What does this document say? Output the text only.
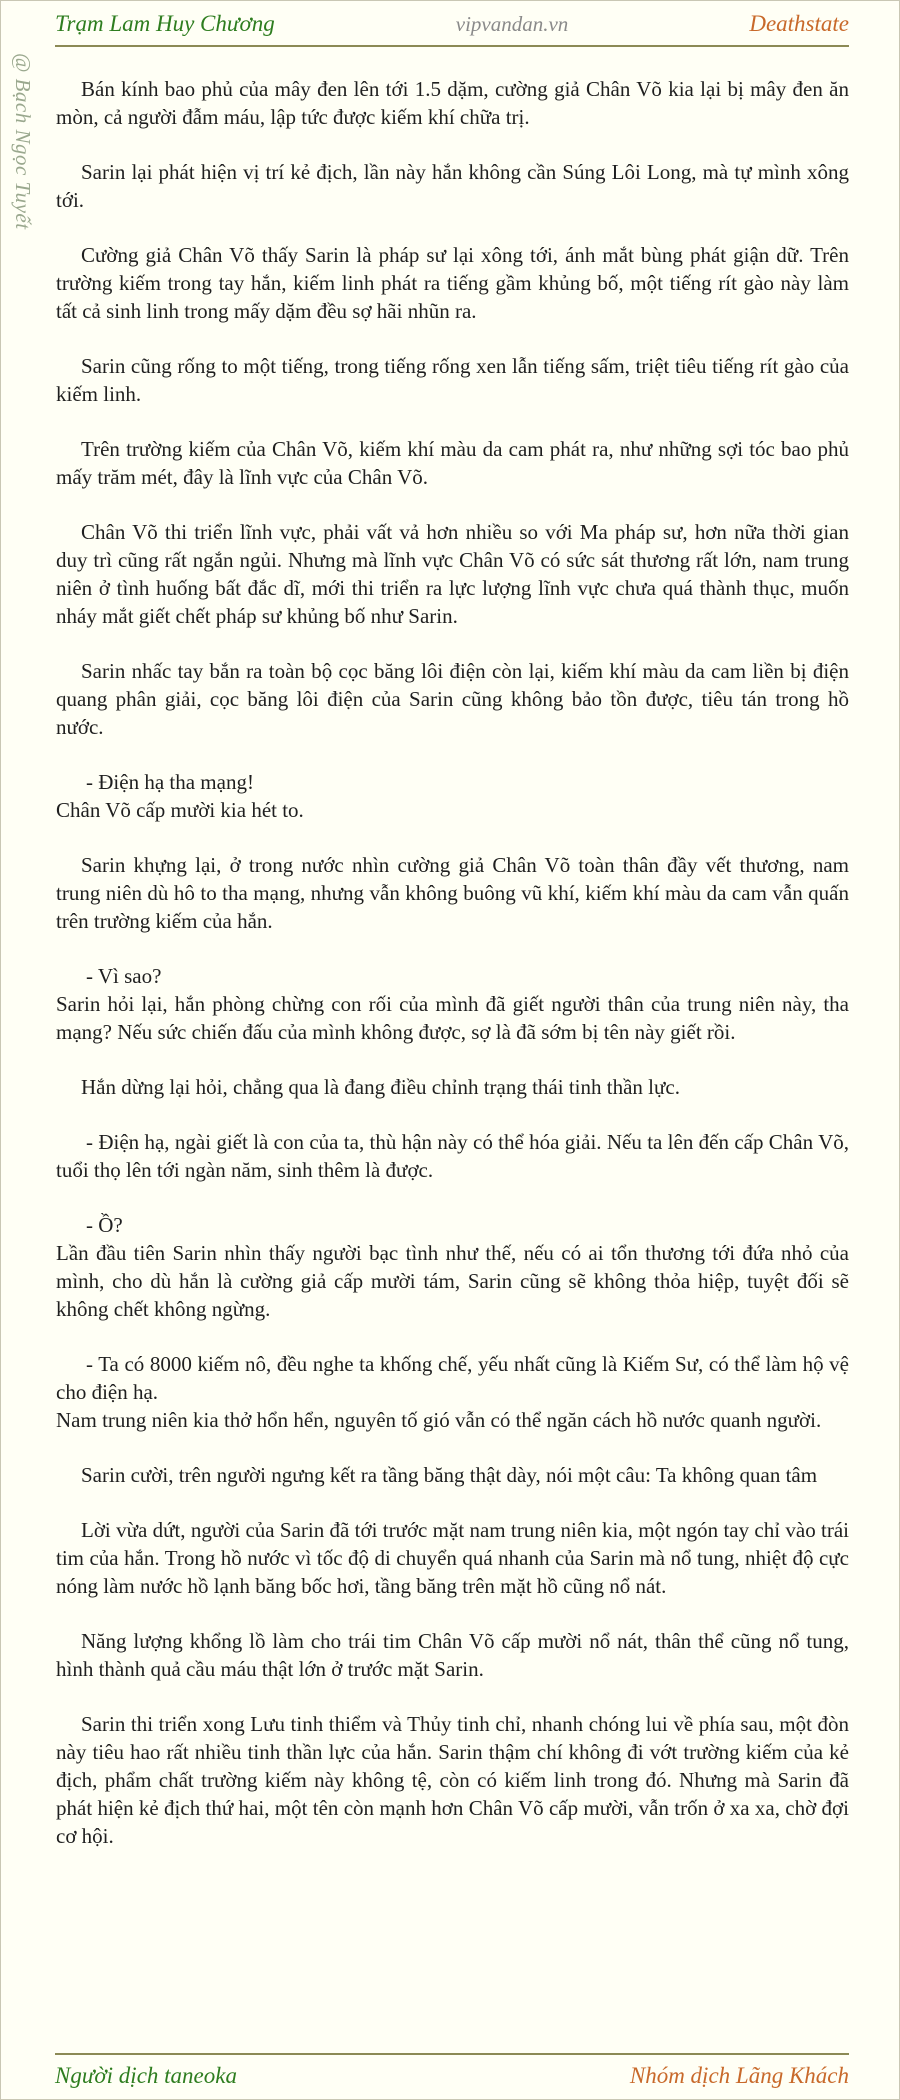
Trạm Lam Huy Chương	vipvandan.vn	Deathstate
@ Bạch Ngọc Tuyết	Bán kính bao phủ của mây đen lên tới 1.5 dặm, cường giả Chân Võ kia lại bị mây đen ăn mòn, cả người đẫm máu, lập tức được kiếm khí chữa trị.

Sarin lại phát hiện vị trí kẻ địch, lần này hắn không cần Súng Lôi Long, mà tự mình xông tới.

Cường giả Chân Võ thấy Sarin là pháp sư lại xông tới, ánh mắt bùng phát giận dữ. Trên trường kiếm trong tay hắn, kiếm linh phát ra tiếng gầm khủng bố, một tiếng rít gào này làm tất cả sinh linh trong mấy dặm đều sợ hãi nhũn ra.

Sarin cũng rống to một tiếng, trong tiếng rống xen lẫn tiếng sấm, triệt tiêu tiếng rít gào của kiếm linh.

Trên trường kiếm của Chân Võ, kiếm khí màu da cam phát ra, như những sợi tóc bao phủ mấy trăm mét, đây là lĩnh vực của Chân Võ.

Chân Võ thi triển lĩnh vực, phải vất vả hơn nhiều so với Ma pháp sư, hơn nữa thời gian duy trì cũng rất ngắn ngủi. Nhưng mà lĩnh vực Chân Võ có sức sát thương rất lớn, nam trung niên ở tình huống bất đắc dĩ, mới thi triển ra lực lượng lĩnh vực chưa quá thành thục, muốn nháy mắt giết chết pháp sư khủng bố như Sarin.

Sarin nhấc tay bắn ra toàn bộ cọc băng lôi điện còn lại, kiếm khí màu da cam liền bị điện quang phân giải, cọc băng lôi điện của Sarin cũng không bảo tồn được, tiêu tán trong hồ nước.

- Điện hạ tha mạng!
Chân Võ cấp mười kia hét to.

Sarin khựng lại, ở trong nước nhìn cường giả Chân Võ toàn thân đầy vết thương, nam trung niên dù hô to tha mạng, nhưng vẫn không buông vũ khí, kiếm khí màu da cam vẫn quấn trên trường kiếm của hắn.

- Vì sao?
Sarin hỏi lại, hắn phòng chừng con rối của mình đã giết người thân của trung niên này, tha mạng? Nếu sức chiến đấu của mình không được, sợ là đã sớm bị tên này giết rồi.

Hắn dừng lại hỏi, chẳng qua là đang điều chỉnh trạng thái tinh thần lực.

- Điện hạ, ngài giết là con của ta, thù hận này có thể hóa giải. Nếu ta lên đến cấp Chân Võ, tuổi thọ lên tới ngàn năm, sinh thêm là được.

- Ồ?
Lần đầu tiên Sarin nhìn thấy người bạc tình như thế, nếu có ai tổn thương tới đứa nhỏ của mình, cho dù hắn là cường giả cấp mười tám, Sarin cũng sẽ không thỏa hiệp, tuyệt đối sẽ không chết không ngừng.

- Ta có 8000 kiếm nô, đều nghe ta khống chế, yếu nhất cũng là Kiếm Sư, có thể làm hộ vệ cho điện hạ.
Nam trung niên kia thở hổn hển, nguyên tố gió vẫn có thể ngăn cách hồ nước quanh người.

Sarin cười, trên người ngưng kết ra tầng băng thật dày, nói một câu: Ta không quan tâm

Lời vừa dứt, người của Sarin đã tới trước mặt nam trung niên kia, một ngón tay chỉ vào trái tim của hắn. Trong hồ nước vì tốc độ di chuyển quá nhanh của Sarin mà nổ tung, nhiệt độ cực nóng làm nước hồ lạnh băng bốc hơi, tầng băng trên mặt hồ cũng nổ nát.

Năng lượng khổng lồ làm cho trái tim Chân Võ cấp mười nổ nát, thân thể cũng nổ tung, hình thành quả cầu máu thật lớn ở trước mặt Sarin.

Sarin thi triển xong Lưu tinh thiểm và Thủy tinh chỉ, nhanh chóng lui về phía sau, một đòn này tiêu hao rất nhiều tinh thần lực của hắn. Sarin thậm chí không đi vớt trường kiếm của kẻ địch, phẩm chất trường kiếm này không tệ, còn có kiếm linh trong đó. Nhưng mà Sarin đã phát hiện kẻ địch thứ hai, một tên còn mạnh hơn Chân Võ cấp mười, vẫn trốn ở xa xa, chờ đợi cơ hội.

Người dịch taneoka	Nhóm dịch Lãng Khách
